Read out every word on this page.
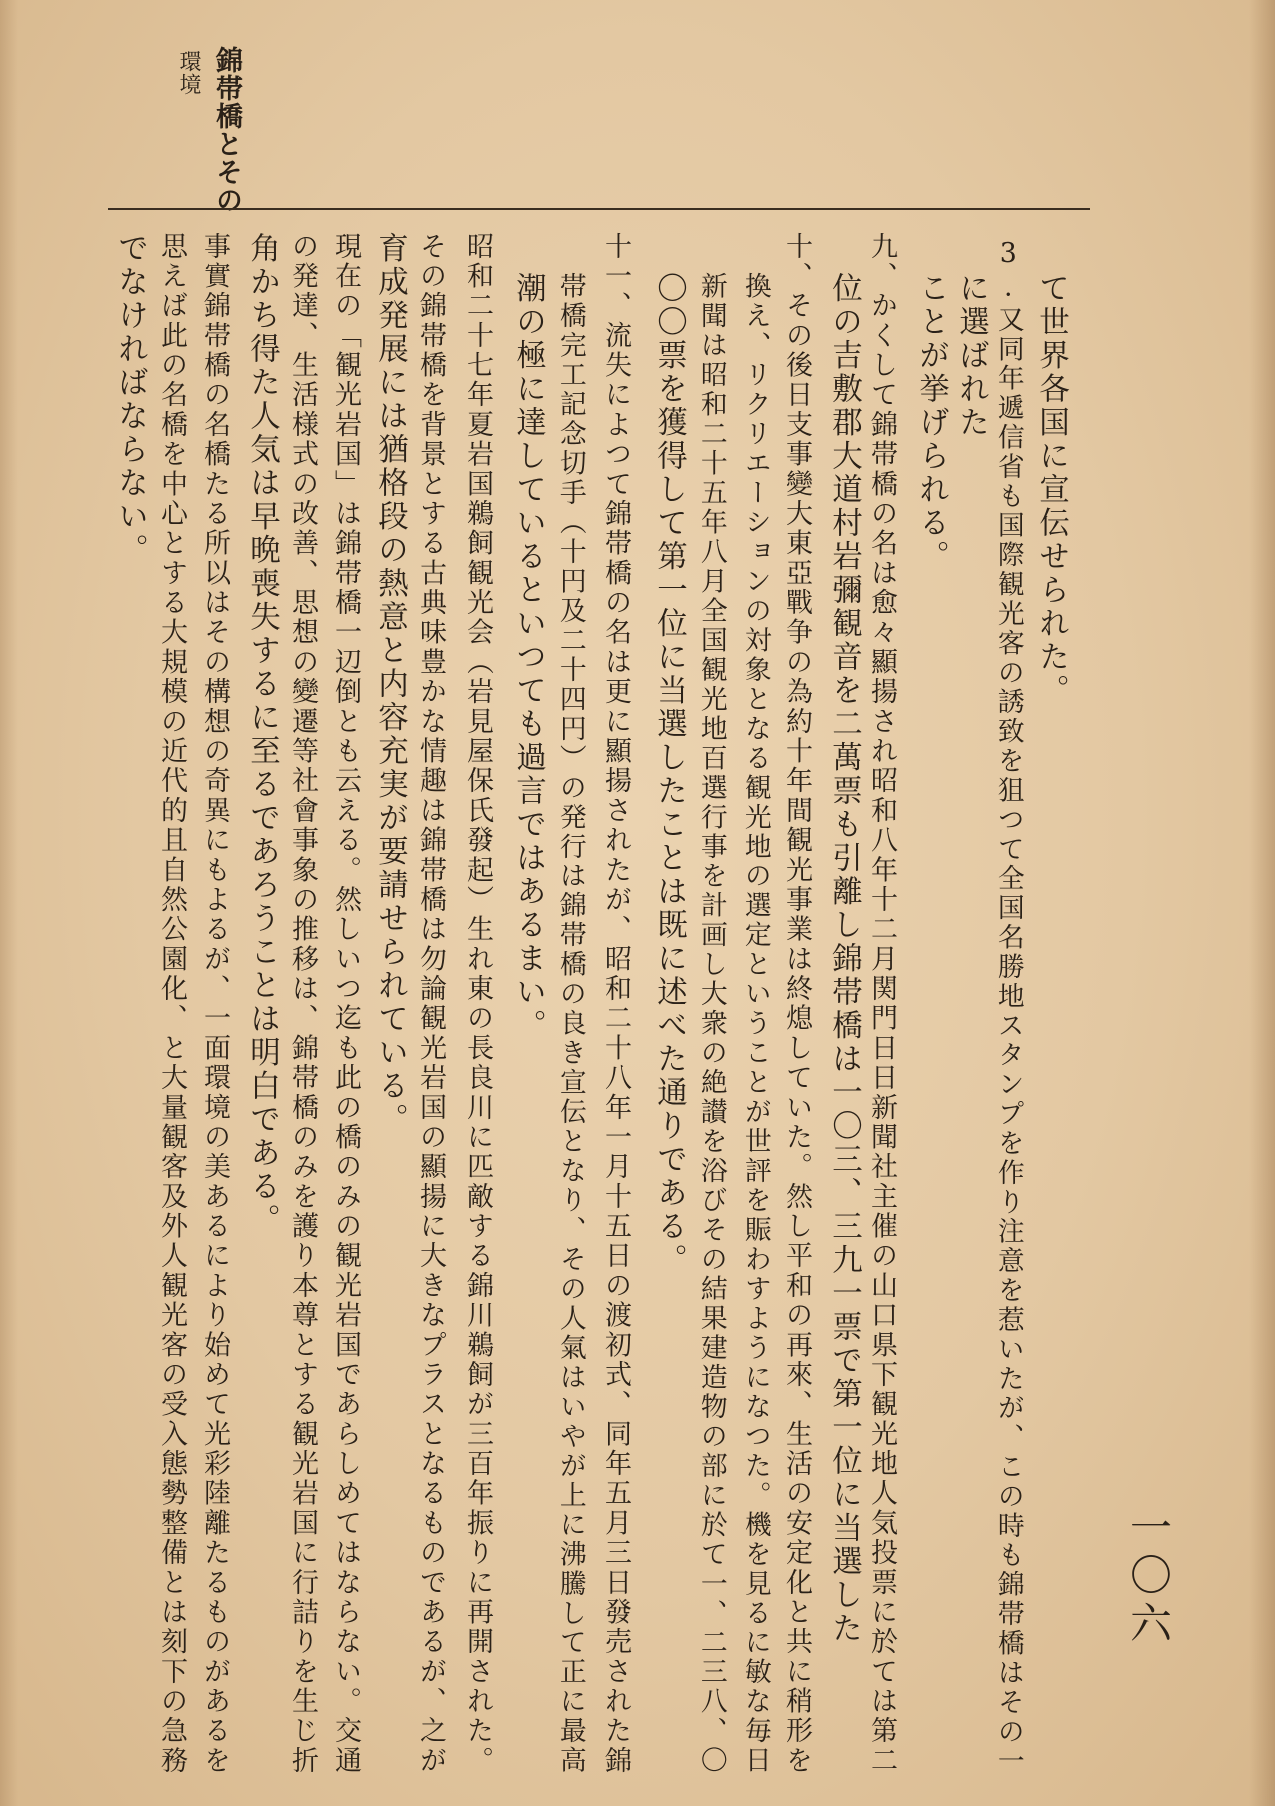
錦帯橋とその
環境
一〇六
て世界各国に宣伝せられた。
3.又同年遞信省も国際観光客の誘致を狙つて全国名勝地スタンプを作り注意を惹いたが、この時も錦帯橋はその一
に選ばれた
ことが挙げられる。
九、かくして錦帯橋の名は愈々顯揚され昭和八年十二月関門日日新聞社主催の山口県下観光地人気投票に於ては第二
位の吉敷郡大道村岩彌観音を二萬票も引離し錦帯橋は一〇三、三九一票で第一位に当選した
十、その後日支事變大東亞戰争の為約十年間観光事業は終熄していた。然し平和の再來、生活の安定化と共に稍形を
換え、リクリエーションの対象となる観光地の選定ということが世評を賑わすようになつた。機を見るに敏な毎日
新聞は昭和二十五年八月全国観光地百選行事を計画し大衆の絶讃を浴びその結果建造物の部に於て一、二三八、〇
〇〇票を獲得して第一位に当選したことは既に述べた通りである。
十一、流失によつて錦帯橋の名は更に顯揚されたが、昭和二十八年一月十五日の渡初式、同年五月三日發売された錦
帯橋完工記念切手（十円及二十四円）の発行は錦帯橋の良き宣伝となり、その人氣はいやが上に沸騰して正に最高
潮の極に達しているといつても過言ではあるまい。
昭和二十七年夏岩国鵜飼観光会（岩見屋保氏發起）生れ東の長良川に匹敵する錦川鵜飼が三百年振りに再開された。
その錦帯橋を背景とする古典味豊かな情趣は錦帯橋は勿論観光岩国の顯揚に大きなプラスとなるものであるが、之が
育成発展には猶格段の熱意と内容充実が要請せられている。
現在の「観光岩国」は錦帯橋一辺倒とも云える。然しいつ迄も此の橋のみの観光岩国であらしめてはならない。交通
の発達、生活様式の改善、思想の變遷等社會事象の推移は、錦帯橋のみを護り本尊とする観光岩国に行詰りを生じ折
角かち得た人気は早晩喪失するに至るであろうことは明白である。
事實錦帯橋の名橋たる所以はその構想の奇異にもよるが、一面環境の美あるにより始めて光彩陸離たるものがあるを
思えば此の名橋を中心とする大規模の近代的且自然公園化、と大量観客及外人観光客の受入態勢整備とは刻下の急務
でなければならない。
